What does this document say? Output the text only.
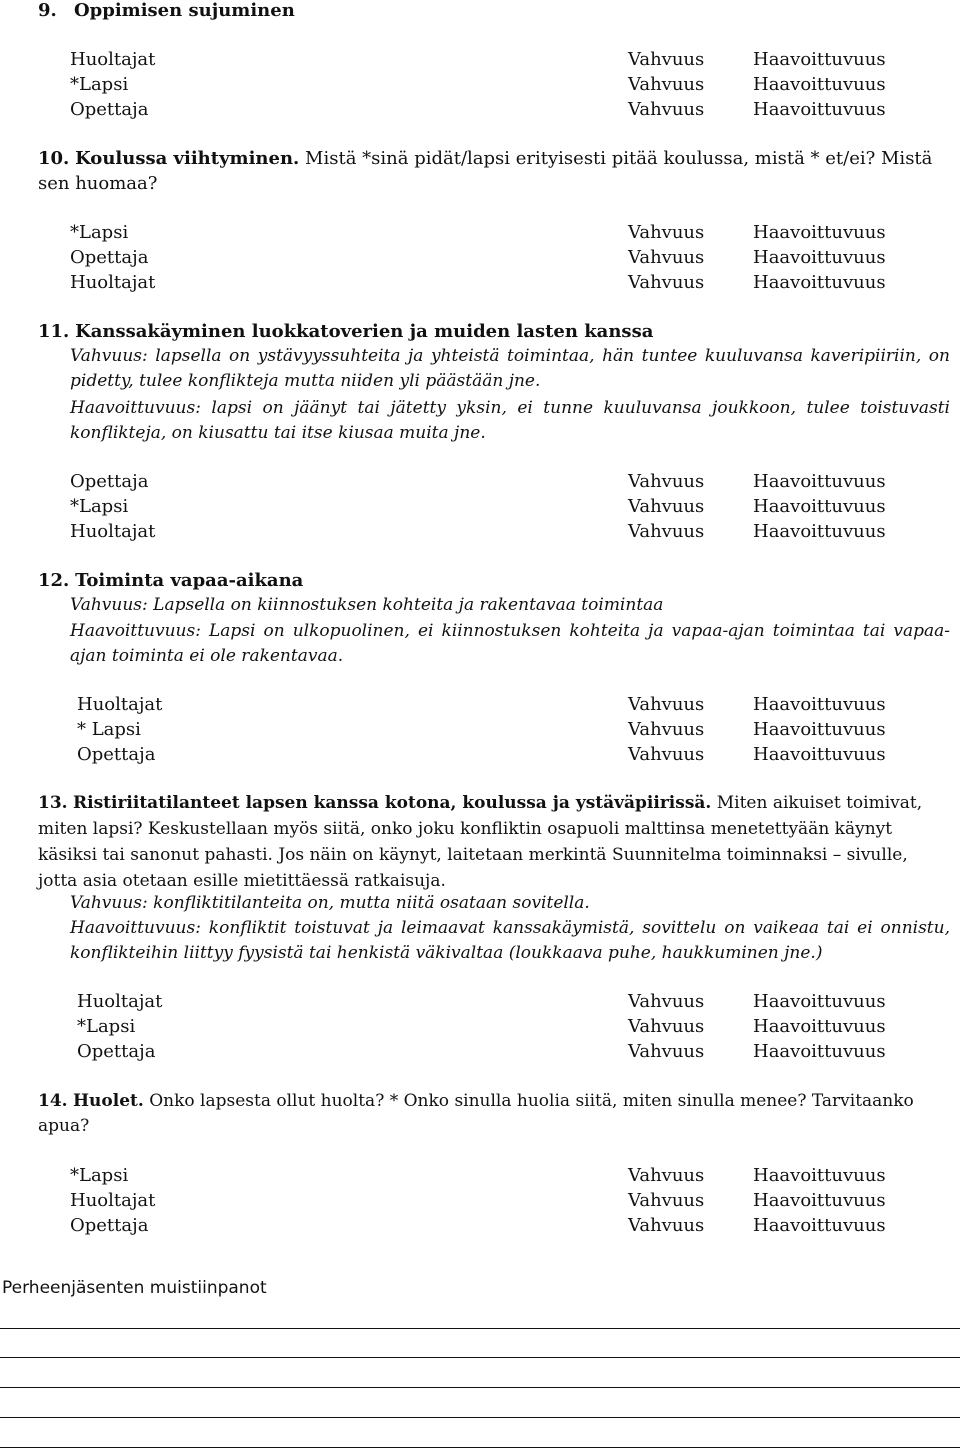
9. Oppimisen sujuminen
Huoltajat	Vahvuus	Haavoittuvuus
*Lapsi	Vahvuus	Haavoittuvuus
Opettaja	Vahvuus	Haavoittuvuus
10. Koulussa viihtyminen. Mistä *sinä pidät/lapsi erityisesti pitää koulussa, mistä * et/ei? Mistä sen huomaa?
*Lapsi	Vahvuus	Haavoittuvuus
Opettaja	Vahvuus	Haavoittuvuus
Huoltajat	Vahvuus	Haavoittuvuus
11. Kanssakäyminen luokkatoverien ja muiden lasten kanssa
Vahvuus: lapsella on ystävyyssuhteita ja yhteistä toimintaa, hän tuntee kuuluvansa kaveripiiriin, on pidetty, tulee konflikteja mutta niiden yli päästään jne.
Haavoittuvuus: lapsi on jäänyt tai jätetty yksin, ei tunne kuuluvansa joukkoon, tulee toistuvasti konflikteja, on kiusattu tai itse kiusaa muita jne.
Opettaja	Vahvuus	Haavoittuvuus
*Lapsi	Vahvuus	Haavoittuvuus
Huoltajat	Vahvuus	Haavoittuvuus
12. Toiminta vapaa-aikana
Vahvuus: Lapsella on kiinnostuksen kohteita ja rakentavaa toimintaa
Haavoittuvuus: Lapsi on ulkopuolinen, ei kiinnostuksen kohteita ja vapaa-ajan toimintaa tai vapaa-ajan toiminta ei ole rakentavaa.
Huoltajat	Vahvuus	Haavoittuvuus
* Lapsi	Vahvuus	Haavoittuvuus
Opettaja	Vahvuus	Haavoittuvuus
13. Ristiriitatilanteet lapsen kanssa kotona, koulussa ja ystäväpiirissä. Miten aikuiset toimivat, miten lapsi? Keskustellaan myös siitä, onko joku konfliktin osapuoli malttinsa menetettyään käynyt käsiksi tai sanonut pahasti. Jos näin on käynyt, laitetaan merkintä Suunnitelma toiminnaksi – sivulle, jotta asia otetaan esille mietittäessä ratkaisuja.
Vahvuus: konfliktitilanteita on, mutta niitä osataan sovitella.
Haavoittuvuus: konfliktit toistuvat ja leimaavat kanssakäymistä, sovittelu on vaikeaa tai ei onnistu, konflikteihin liittyy fyysistä tai henkistä väkivaltaa (loukkaava puhe, haukkuminen jne.)
Huoltajat	Vahvuus	Haavoittuvuus
*Lapsi	Vahvuus	Haavoittuvuus
Opettaja	Vahvuus	Haavoittuvuus
14. Huolet. Onko lapsesta ollut huolta? * Onko sinulla huolia siitä, miten sinulla menee? Tarvitaanko apua?
*Lapsi	Vahvuus	Haavoittuvuus
Huoltajat	Vahvuus	Haavoittuvuus
Opettaja	Vahvuus	Haavoittuvuus
Perheenjäsenten muistiinpanot
